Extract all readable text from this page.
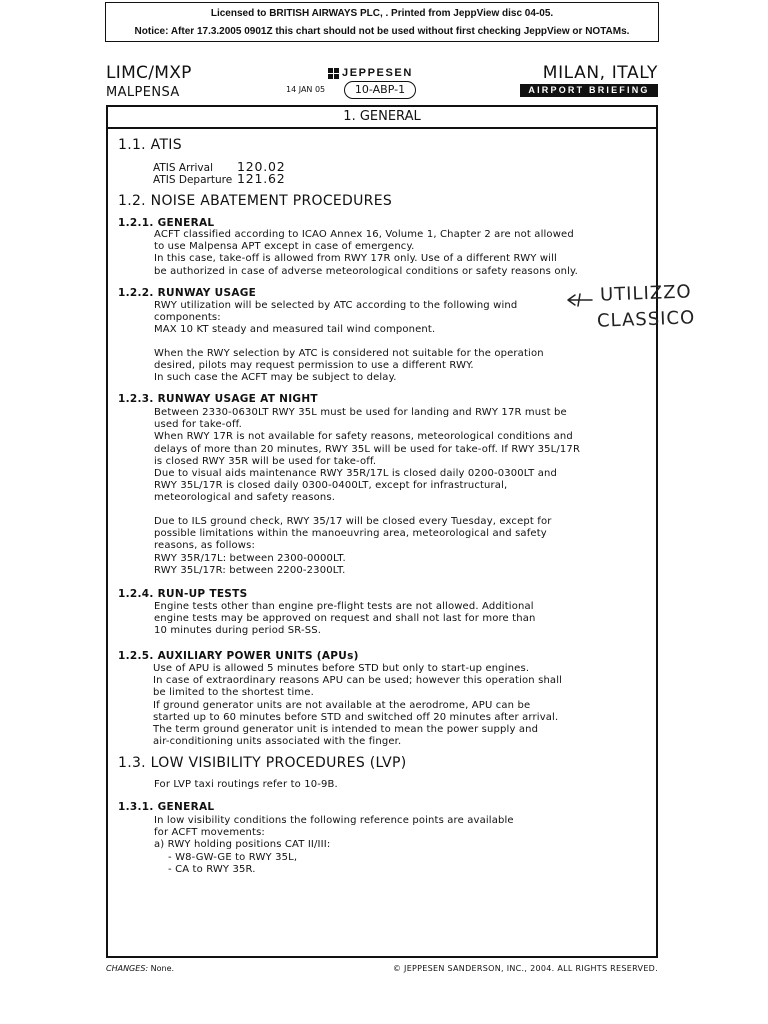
Licensed to BRITISH AIRWAYS PLC, . Printed from JeppView disc 04-05.
Notice: After 17.3.2005 0901Z this chart should not be used without first checking JeppView or NOTAMs.
LIMC/MXP
MALPENSA
JEPPESEN
14 JAN 05	10-ABP-1
MILAN, ITALY
AIRPORT BRIEFING
1. GENERAL
1.1. ATIS
ATIS Arrival 120.02
ATIS Departure 121.62
1.2. NOISE ABATEMENT PROCEDURES
1.2.1. GENERAL
ACFT classified according to ICAO Annex 16, Volume 1, Chapter 2 are not allowed
to use Malpensa APT except in case of emergency.
In this case, take-off is allowed from RWY 17R only. Use of a different RWY will
be authorized in case of adverse meteorological conditions or safety reasons only.
1.2.2. RUNWAY USAGE
RWY utilization will be selected by ATC according to the following wind
components:
MAX 10 KT steady and measured tail wind component.
When the RWY selection by ATC is considered not suitable for the operation
desired, pilots may request permission to use a different RWY.
In such case the ACFT may be subject to delay.
1.2.3. RUNWAY USAGE AT NIGHT
Between 2330-0630LT RWY 35L must be used for landing and RWY 17R must be
used for take-off.
When RWY 17R is not available for safety reasons, meteorological conditions and
delays of more than 20 minutes, RWY 35L will be used for take-off. If RWY 35L/17R
is closed RWY 35R will be used for take-off.
Due to visual aids maintenance RWY 35R/17L is closed daily 0200-0300LT and
RWY 35L/17R is closed daily 0300-0400LT, except for infrastructural,
meteorological and safety reasons.
Due to ILS ground check, RWY 35/17 will be closed every Tuesday, except for
possible limitations within the manoeuvring area, meteorological and safety
reasons, as follows:
RWY 35R/17L: between 2300-0000LT.
RWY 35L/17R: between 2200-2300LT.
1.2.4. RUN-UP TESTS
Engine tests other than engine pre-flight tests are not allowed. Additional
engine tests may be approved on request and shall not last for more than
10 minutes during period SR-SS.
1.2.5. AUXILIARY POWER UNITS (APUs)
Use of APU is allowed 5 minutes before STD but only to start-up engines.
In case of extraordinary reasons APU can be used; however this operation shall
be limited to the shortest time.
If ground generator units are not available at the aerodrome, APU can be
started up to 60 minutes before STD and switched off 20 minutes after arrival.
The term ground generator unit is intended to mean the power supply and
air-conditioning units associated with the finger.
1.3. LOW VISIBILITY PROCEDURES (LVP)
For LVP taxi routings refer to 10-9B.
1.3.1. GENERAL
In low visibility conditions the following reference points are available
for ACFT movements:
a) RWY holding positions CAT II/III:
- W8-GW-GE to RWY 35L,
- CA to RWY 35R.
UTILIZZO
CLASSICO
CHANGES: None.	© JEPPESEN SANDERSON, INC., 2004. ALL RIGHTS RESERVED.
